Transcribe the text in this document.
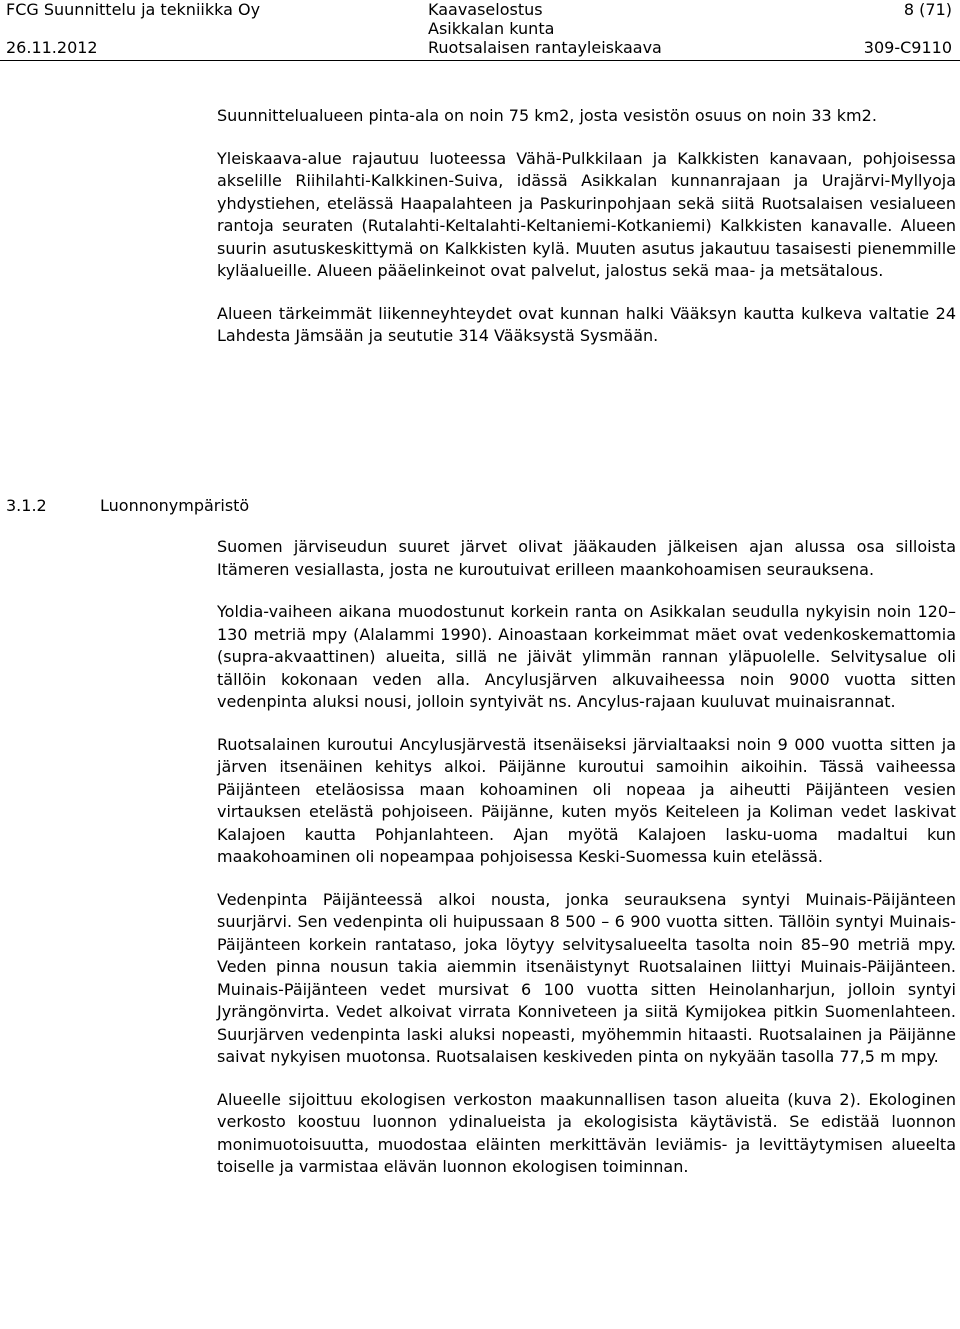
FCG Suunnittelu ja tekniikka Oy
26.11.2012
Kaavaselostus
Asikkalan kunta
Ruotsalaisen rantayleiskaava
8 (71)
309-C9110

Suunnittelualueen pinta-ala on noin 75 km2, josta vesistön osuus on noin 33 km2.

Yleiskaava-alue rajautuu luoteessa Vähä-Pulkkilaan ja Kalkkisten kanavaan, pohjoisessa akselille Riihilahti-Kalkkinen-Suiva, idässä Asikkalan kunnanrajaan ja Urajärvi-Myllyoja yhdystiehen, etelässä Haapalahteen ja Paskurinpohjaan sekä siitä Ruotsalaisen vesialueen rantoja seuraten (Rutalahti-Keltalahti-Keltaniemi-Kotkaniemi) Kalkkisten kanavalle. Alueen suurin asutuskeskittymä on Kalkkisten kylä. Muuten asutus jakautuu tasaisesti pienemmille kyläalueille. Alueen pääelinkeinot ovat palvelut, jalostus sekä maa- ja metsätalous.

Alueen tärkeimmät liikenneyhteydet ovat kunnan halki Vääksyn kautta kulkeva valtatie 24 Lahdesta Jämsään ja seututie 314 Vääksystä Sysmään.

3.1.2	Luonnonympäristö

Suomen järviseudun suuret järvet olivat jääkauden jälkeisen ajan alussa osa silloista Itämeren vesiallasta, josta ne kuroutuivat erilleen maankohoamisen seurauksena.

Yoldia-vaiheen aikana muodostunut korkein ranta on Asikkalan seudulla nykyisin noin 120–130 metriä mpy (Alalammi 1990). Ainoastaan korkeimmat mäet ovat vedenkoskemattomia (supra-akvaattinen) alueita, sillä ne jäivät ylimmän rannan yläpuolelle. Selvitysalue oli tällöin kokonaan veden alla. Ancylusjärven alkuvaiheessa noin 9000 vuotta sitten vedenpinta aluksi nousi, jolloin syntyivät ns. Ancylus-rajaan kuuluvat muinaisrannat.

Ruotsalainen kuroutui Ancylusjärvestä itsenäiseksi järvialtaaksi noin 9 000 vuotta sitten ja järven itsenäinen kehitys alkoi. Päijänne kuroutui samoihin aikoihin. Tässä vaiheessa Päijänteen eteläosissa maan kohoaminen oli nopeaa ja aiheutti Päijänteen vesien virtauksen etelästä pohjoiseen. Päijänne, kuten myös Keiteleen ja Koliman vedet laskivat Kalajoen kautta Pohjanlahteen. Ajan myötä Kalajoen lasku-uoma madaltui kun maakohoaminen oli nopeampaa pohjoisessa Keski-Suomessa kuin etelässä.

Vedenpinta Päijänteessä alkoi nousta, jonka seurauksena syntyi Muinais-Päijänteen suurjärvi. Sen vedenpinta oli huipussaan 8 500 – 6 900 vuotta sitten. Tällöin syntyi Muinais-Päijänteen korkein rantataso, joka löytyy selvitysalueelta tasolta noin 85–90 metriä mpy. Veden pinna nousun takia aiemmin itsenäistynyt Ruotsalainen liittyi Muinais-Päijänteen. Muinais-Päijänteen vedet mursivat 6 100 vuotta sitten Heinolanharjun, jolloin syntyi Jyrängönvirta. Vedet alkoivat virrata Konniveteen ja siitä Kymijokea pitkin Suomenlahteen. Suurjärven vedenpinta laski aluksi nopeasti, myöhemmin hitaasti. Ruotsalainen ja Päijänne saivat nykyisen muotonsa. Ruotsalaisen keskiveden pinta on nykyään tasolla 77,5 m mpy.

Alueelle sijoittuu ekologisen verkoston maakunnallisen tason alueita (kuva 2). Ekologinen verkosto koostuu luonnon ydinalueista ja ekologisista käytävistä. Se edistää luonnon monimuotoisuutta, muodostaa eläinten merkittävän leviämis- ja levittäytymisen alueelta toiselle ja varmistaa elävän luonnon ekologisen toiminnan.
